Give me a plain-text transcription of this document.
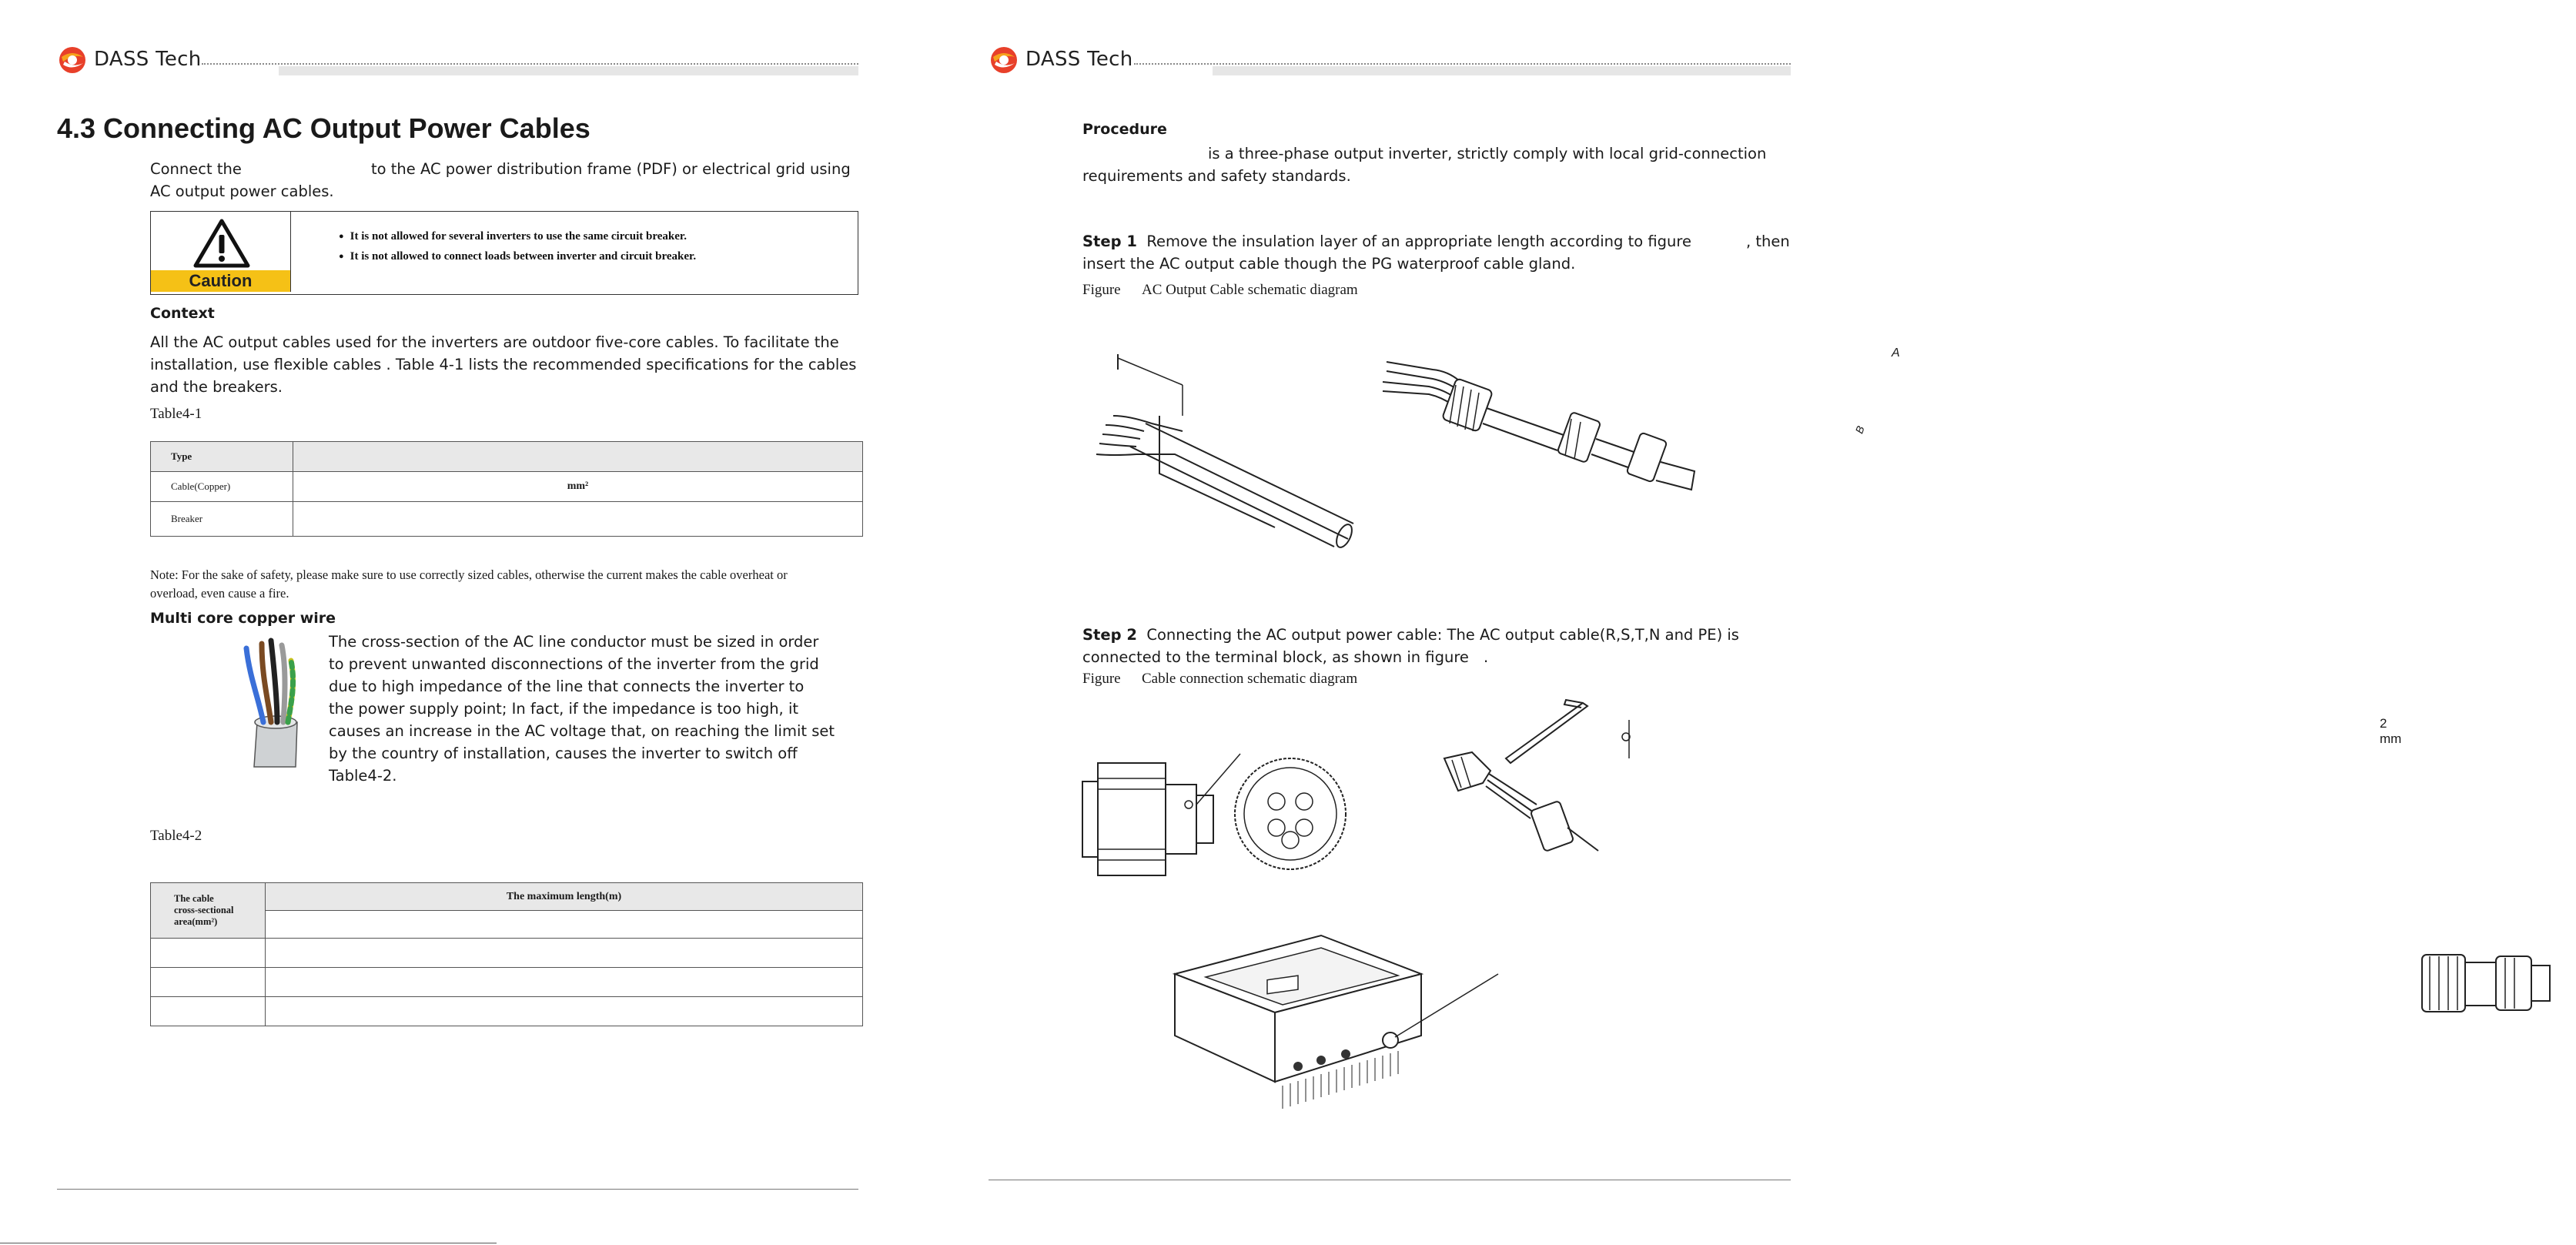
DASS Tech
4.3 Connecting AC Output Power Cables
Connect the	to the AC power distribution frame (PDF) or electrical grid using
AC output power cables.
Caution
● It is not allowed for several inverters to use the same circuit breaker.
● It is not allowed to connect loads between inverter and circuit breaker.
Context
All the AC output cables used for the inverters are outdoor five-core cables. To facilitate the
installation, use flexible cables . Table 4-1 lists the recommended specifications for the cables
and the breakers.
Table4-1
Type	
Cable(Copper)	mm²
Breaker	
Note: For the sake of safety, please make sure to use correctly sized cables, otherwise the current makes the cable overheat or
overload, even cause a fire.
Multi core copper wire
The cross-section of the AC line conductor must be sized in order
to prevent unwanted disconnections of the inverter from the grid
due to high impedance of the line that connects the inverter to
the power supply point; In fact, if the impedance is too high, it
causes an increase in the AC voltage that, on reaching the limit set
by the country of installation, causes the inverter to switch off
Table4-2.
Table4-2
The cable
cross-sectional
area(mm²)	The maximum length(m)

DASS Tech
Procedure
is a three-phase output inverter, strictly comply with local grid-connection
requirements and safety standards.
Step 1 Remove the insulation layer of an appropriate length according to figure	, then
insert the AC output cable though the PG waterproof cable gland.
Figure AC Output Cable schematic diagram
A
B
Step 2 Connecting the AC output power cable: The AC output cable(R,S,T,N and PE) is
connected to the terminal block, as shown in figure .
Figure Cable connection schematic diagram
2 mm
